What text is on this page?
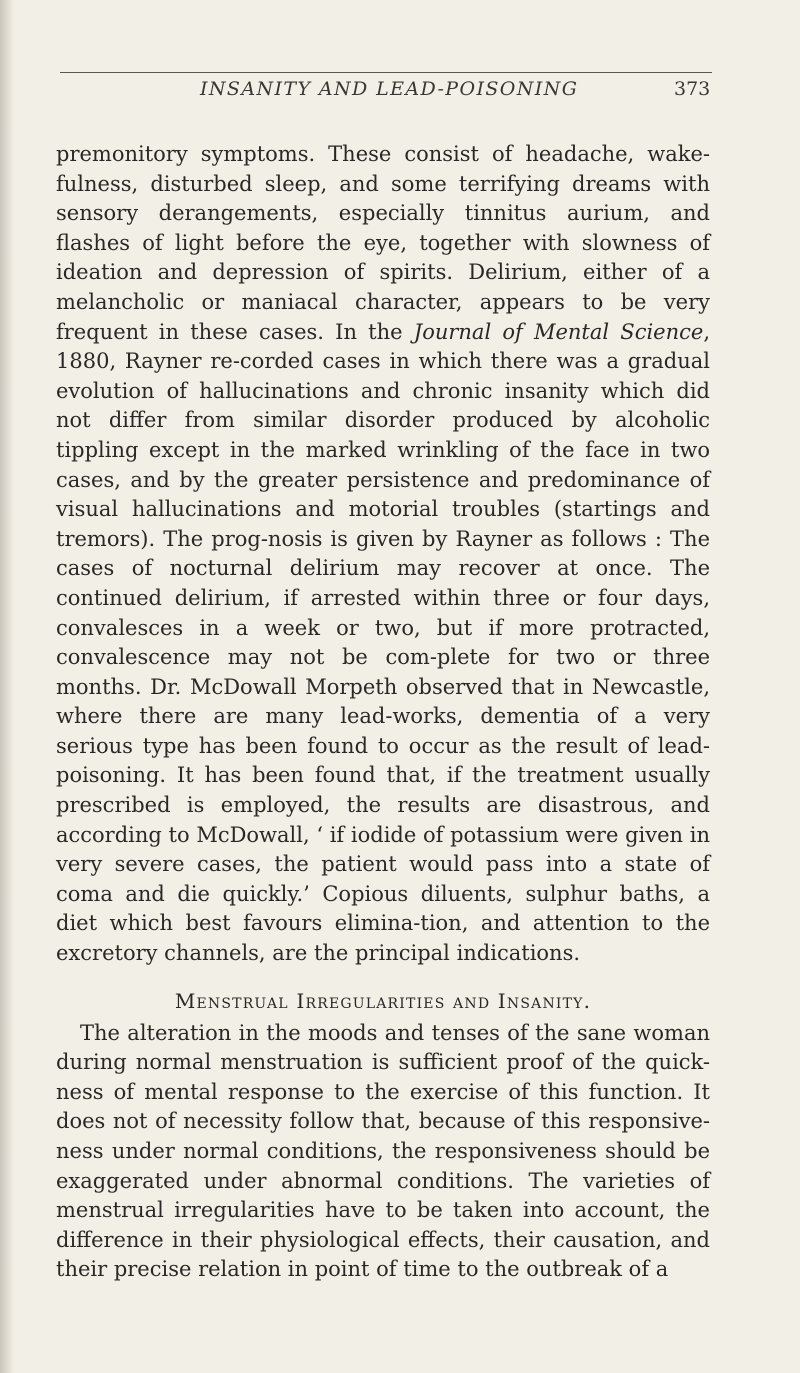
INSANITY AND LEAD-POISONING	373

premonitory symptoms. These consist of headache, wake-fulness, disturbed sleep, and some terrifying dreams with sensory derangements, especially tinnitus aurium, and flashes of light before the eye, together with slowness of ideation and depression of spirits. Delirium, either of a melancholic or maniacal character, appears to be very frequent in these cases. In the Journal of Mental Science, 1880, Rayner re-corded cases in which there was a gradual evolution of hallucinations and chronic insanity which did not differ from similar disorder produced by alcoholic tippling except in the marked wrinkling of the face in two cases, and by the greater persistence and predominance of visual hallucinations and motorial troubles (startings and tremors). The prog-nosis is given by Rayner as follows : The cases of nocturnal delirium may recover at once. The continued delirium, if arrested within three or four days, convalesces in a week or two, but if more protracted, convalescence may not be com-plete for two or three months. Dr. McDowall Morpeth observed that in Newcastle, where there are many lead-works, dementia of a very serious type has been found to occur as the result of lead-poisoning. It has been found that, if the treatment usually prescribed is employed, the results are disastrous, and according to McDowall, ‘ if iodide of potassium were given in very severe cases, the patient would pass into a state of coma and die quickly.’ Copious diluents, sulphur baths, a diet which best favours elimina-tion, and attention to the excretory channels, are the principal indications.

Menstrual Irregularities and Insanity.

The alteration in the moods and tenses of the sane woman during normal menstruation is sufficient proof of the quick-ness of mental response to the exercise of this function. It does not of necessity follow that, because of this responsive-ness under normal conditions, the responsiveness should be exaggerated under abnormal conditions. The varieties of menstrual irregularities have to be taken into account, the difference in their physiological effects, their causation, and their precise relation in point of time to the outbreak of a
